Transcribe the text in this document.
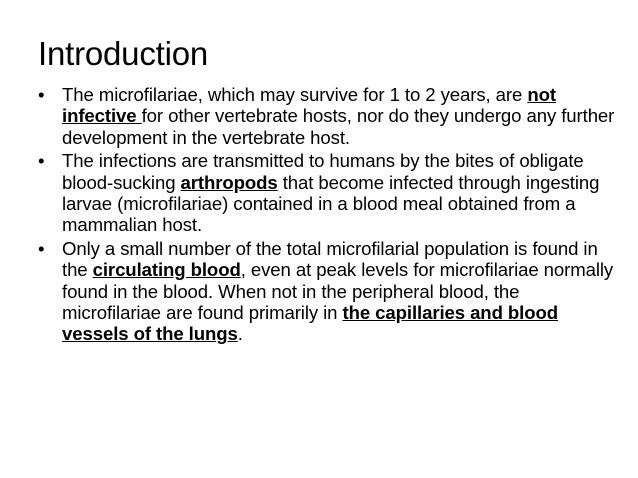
Introduction
• The microfilariae, which may survive for 1 to 2 years, are not infective for other vertebrate hosts, nor do they undergo any further development in the vertebrate host.
• The infections are transmitted to humans by the bites of obligate blood-sucking arthropods that become infected through ingesting larvae (microfilariae) contained in a blood meal obtained from a mammalian host.
• Only a small number of the total microfilarial population is found in the circulating blood, even at peak levels for microfilariae normally found in the blood. When not in the peripheral blood, the microfilariae are found primarily in the capillaries and blood vessels of the lungs.
